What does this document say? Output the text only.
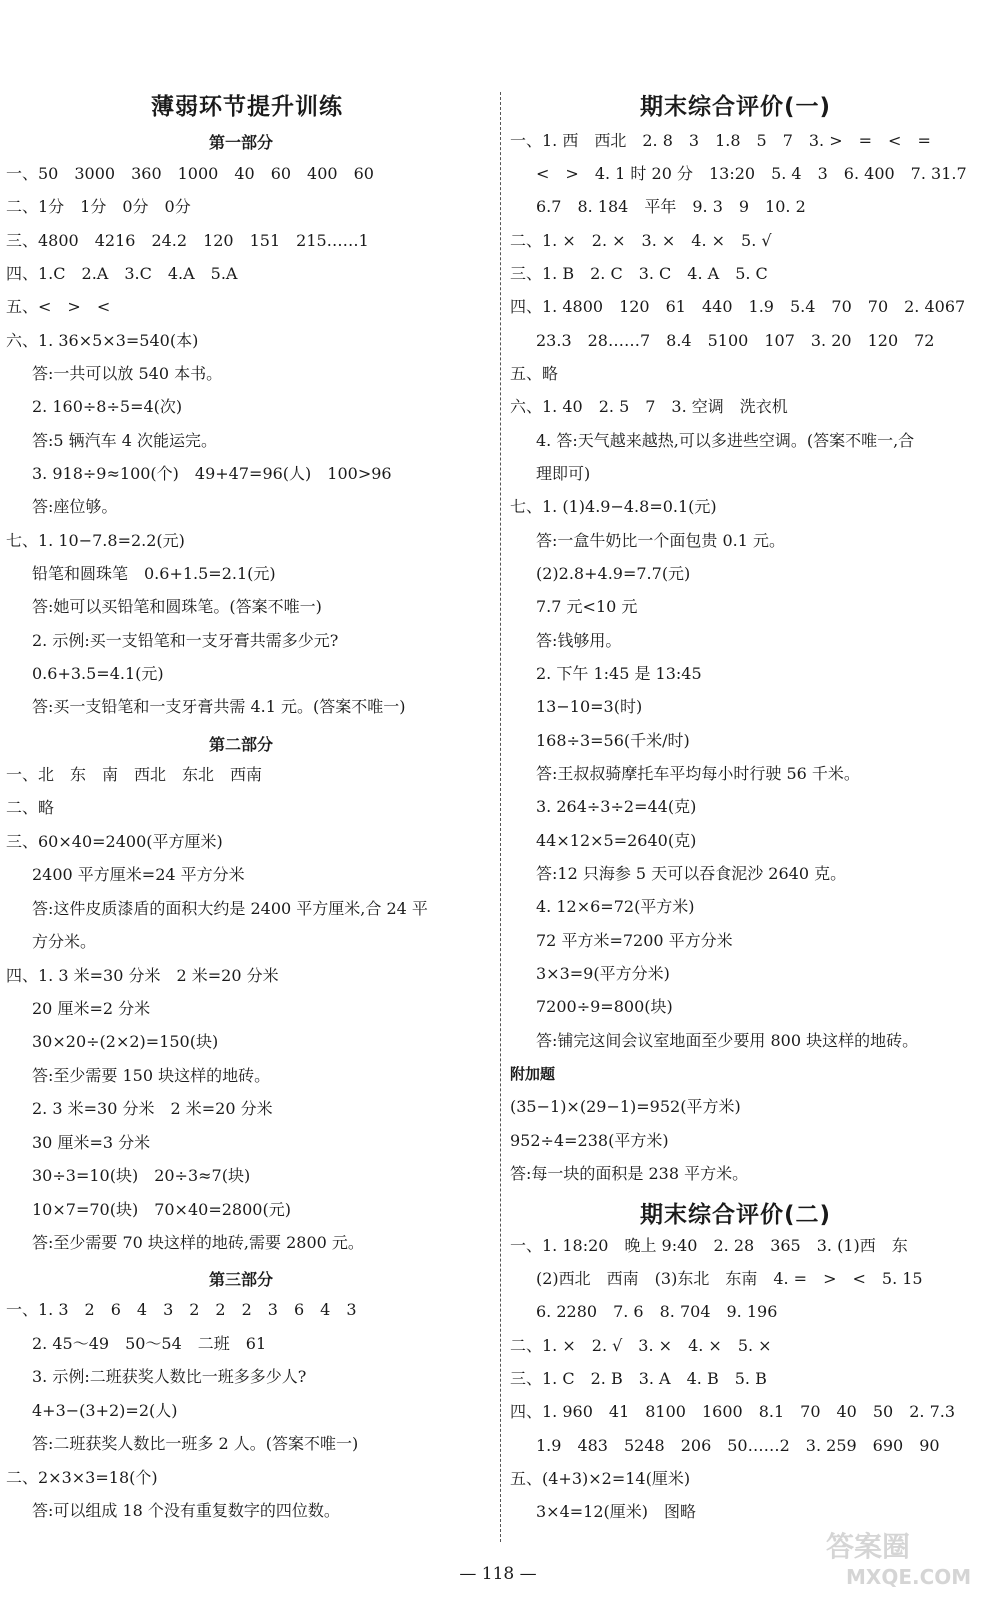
薄弱环节提升训练
第一部分
一、50　3000　360　1000　40　60　400　60
二、1分　1分　0分　0分
三、4800　4216　24.2　120　151　215……1
四、1.C　2.A　3.C　4.A　5.A
五、<　>　<
六、1. 36×5×3=540(本)
答:一共可以放 540 本书。
2. 160÷8÷5=4(次)
答:5 辆汽车 4 次能运完。
3. 918÷9≈100(个)　49+47=96(人)　100>96
答:座位够。
七、1. 10−7.8=2.2(元)
铅笔和圆珠笔　0.6+1.5=2.1(元)
答:她可以买铅笔和圆珠笔。(答案不唯一)
2. 示例:买一支铅笔和一支牙膏共需多少元?
0.6+3.5=4.1(元)
答:买一支铅笔和一支牙膏共需 4.1 元。(答案不唯一)
第二部分
一、北　东　南　西北　东北　西南
二、略
三、60×40=2400(平方厘米)
2400 平方厘米=24 平方分米
答:这件皮质漆盾的面积大约是 2400 平方厘米,合 24 平
方分米。
四、1. 3 米=30 分米　2 米=20 分米
20 厘米=2 分米
30×20÷(2×2)=150(块)
答:至少需要 150 块这样的地砖。
2. 3 米=30 分米　2 米=20 分米
30 厘米=3 分米
30÷3=10(块)　20÷3≈7(块)
10×7=70(块)　70×40=2800(元)
答:至少需要 70 块这样的地砖,需要 2800 元。
第三部分
一、1. 3　2　6　4　3　2　2　2　3　6　4　3
2. 45～49　50～54　二班　61
3. 示例:二班获奖人数比一班多多少人?
4+3−(3+2)=2(人)
答:二班获奖人数比一班多 2 人。(答案不唯一)
二、2×3×3=18(个)
答:可以组成 18 个没有重复数字的四位数。
期末综合评价(一)
一、1. 西　西北　2. 8　3　1.8　5　7　3. >　=　<　=
<　>　4. 1 时 20 分　13:20　5. 4　3　6. 400　7. 31.7
6.7　8. 184　平年　9. 3　9　10. 2
二、1. ×　2. ×　3. ×　4. ×　5. √
三、1. B　2. C　3. C　4. A　5. C
四、1. 4800　120　61　440　1.9　5.4　70　70　2. 4067
23.3　28……7　8.4　5100　107　3. 20　120　72
五、略
六、1. 40　2. 5　7　3. 空调　洗衣机
4. 答:天气越来越热,可以多进些空调。(答案不唯一,合
理即可)
七、1. (1)4.9−4.8=0.1(元)
答:一盒牛奶比一个面包贵 0.1 元。
(2)2.8+4.9=7.7(元)
7.7 元<10 元
答:钱够用。
2. 下午 1:45 是 13:45
13−10=3(时)
168÷3=56(千米/时)
答:王叔叔骑摩托车平均每小时行驶 56 千米。
3. 264÷3÷2=44(克)
44×12×5=2640(克)
答:12 只海参 5 天可以吞食泥沙 2640 克。
4. 12×6=72(平方米)
72 平方米=7200 平方分米
3×3=9(平方分米)
7200÷9=800(块)
答:铺完这间会议室地面至少要用 800 块这样的地砖。
附加题
(35−1)×(29−1)=952(平方米)
952÷4=238(平方米)
答:每一块的面积是 238 平方米。
期末综合评价(二)
一、1. 18:20　晚上 9:40　2. 28　365　3. (1)西　东
(2)西北　西南　(3)东北　东南　4. =　>　<　5. 15
6. 2280　7. 6　8. 704　9. 196
二、1. ×　2. √　3. ×　4. ×　5. ×
三、1. C　2. B　3. A　4. B　5. B
四、1. 960　41　8100　1600　8.1　70　40　50　2. 7.3
1.9　483　5248　206　50……2　3. 259　690　90
五、(4+3)×2=14(厘米)
3×4=12(厘米)　图略
— 118 —
答案圈
MXQE.COM
